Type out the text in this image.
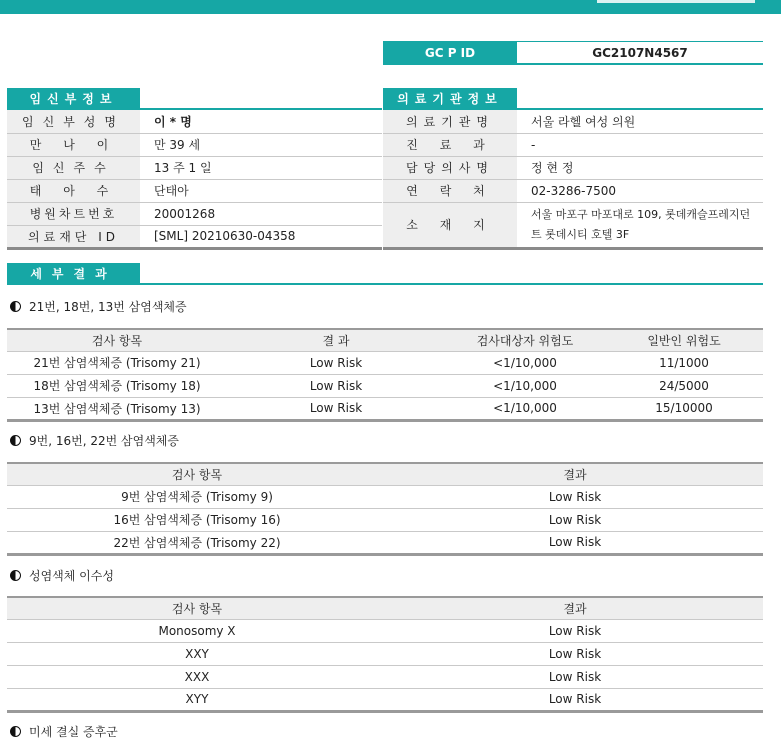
GC P ID	GC2107N4567
임신부정보	의료기관정보
임신부성명	이 * 명
만 나 이	만 39 세
임신주수	13 주 1 일
태 아 수	단태아
병원차트번호	20001268
의료재단 ID	[SML] 20210630-04358
의료기관명	서울 라헬 여성 의원
진 료 과	-
담당의사명	정 현 정
연 락 처	02-3286-7500
소 재 지	서울 마포구 마포대로 109, 롯데캐슬프레지던트 롯데시티 호텔 3F
세부결과
21번, 18번, 13번 삼염색체증
검사 항목	결 과	검사대상자 위험도	일반인 위험도
21번 삼염색체증 (Trisomy 21)	Low Risk	<1/10,000	11/1000
18번 삼염색체증 (Trisomy 18)	Low Risk	<1/10,000	24/5000
13번 삼염색체증 (Trisomy 13)	Low Risk	<1/10,000	15/10000
9번, 16번, 22번 삼염색체증
검사 항목	결과
9번 삼염색체증 (Trisomy 9)	Low Risk
16번 삼염색체증 (Trisomy 16)	Low Risk
22번 삼염색체증 (Trisomy 22)	Low Risk
성염색체 이수성
검사 항목	결과
Monosomy X	Low Risk
XXY	Low Risk
XXX	Low Risk
XYY	Low Risk
미세 결실 증후군
